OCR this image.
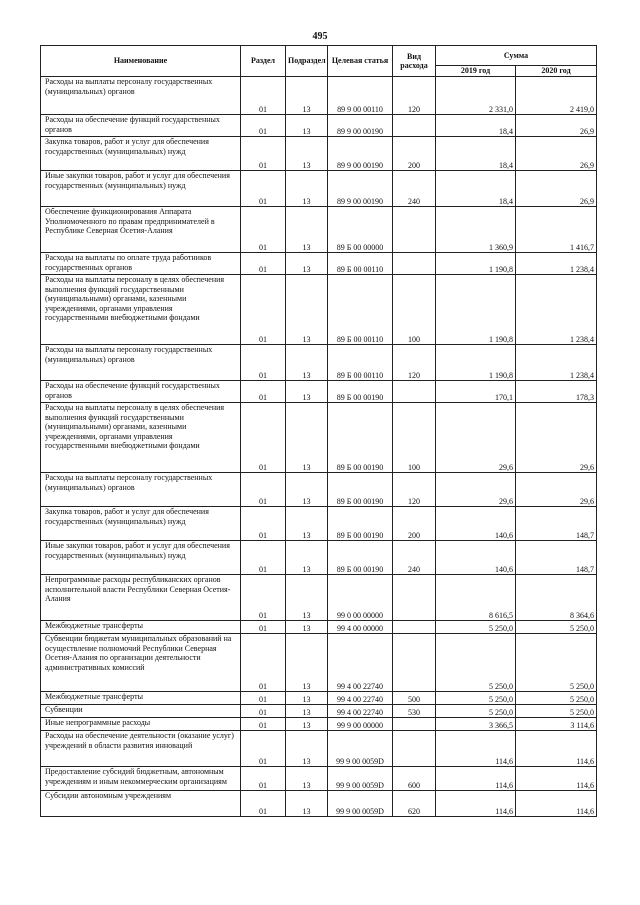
495
Наименование	Раздел	Подраздел	Целевая статья	Вид расхода	Сумма	
					2019 год	2020 год
Расходы на выплаты персоналу государственных (муниципальных) органов	01	13	89 9 00 00110	120	2 331,0	2 419,0
Расходы на обеспечение функций государственных органов	01	13	89 9 00 00190		18,4	26,9
Закупка товаров, работ и услуг для обеспечения государственных (муниципальных) нужд	01	13	89 9 00 00190	200	18,4	26,9
Иные закупки товаров, работ и услуг для обеспечения государственных (муниципальных) нужд	01	13	89 9 00 00190	240	18,4	26,9
Обеспечение функционирования Аппарата Уполномоченного по правам предпринимателей в Республике Северная Осетия-Алания	01	13	89 Б 00 00000		1 360,9	1 416,7
Расходы на выплаты по оплате труда работников государственных органов	01	13	89 Б 00 00110		1 190,8	1 238,4
Расходы на выплаты персоналу в целях обеспечения выполнения функций государственными (муниципальными) органами, казенными учреждениями, органами управления государственными внебюджетными фондами	01	13	89 Б 00 00110	100	1 190,8	1 238,4
Расходы на выплаты персоналу государственных (муниципальных) органов	01	13	89 Б 00 00110	120	1 190,8	1 238,4
Расходы на обеспечение функций государственных органов	01	13	89 Б 00 00190		170,1	178,3
Расходы на выплаты персоналу в целях обеспечения выполнения функций государственными (муниципальными) органами, казенными учреждениями, органами управления государственными внебюджетными фондами	01	13	89 Б 00 00190	100	29,6	29,6
Расходы на выплаты персоналу государственных (муниципальных) органов	01	13	89 Б 00 00190	120	29,6	29,6
Закупка товаров, работ и услуг для обеспечения государственных (муниципальных) нужд	01	13	89 Б 00 00190	200	140,6	148,7
Иные закупки товаров, работ и услуг для обеспечения государственных (муниципальных) нужд	01	13	89 Б 00 00190	240	140,6	148,7
Непрограммные расходы республиканских органов исполнительной власти Республики Северная Осетия-Алания	01	13	99 0 00 00000		8 616,5	8 364,6
Межбюджетные трансферты	01	13	99 4 00 00000		5 250,0	5 250,0
Субвенции бюджетам муниципальных образований на осуществление полномочий Республики Северная Осетия-Алания по организации деятельности административных комиссий	01	13	99 4 00 22740		5 250,0	5 250,0
Межбюджетные трансферты	01	13	99 4 00 22740	500	5 250,0	5 250,0
Субвенции	01	13	99 4 00 22740	530	5 250,0	5 250,0
Иные непрограммные расходы	01	13	99 9 00 00000		3 366,5	3 114,6
Расходы на обеспечение деятельности (оказание услуг) учреждений в области развития инноваций	01	13	99 9 00 0059D		114,6	114,6
Предоставление субсидий бюджетным, автономным учреждениям и иным некоммерческим организациям	01	13	99 9 00 0059D	600	114,6	114,6
Субсидии автономным учреждениям	01	13	99 9 00 0059D	620	114,6	114,6
